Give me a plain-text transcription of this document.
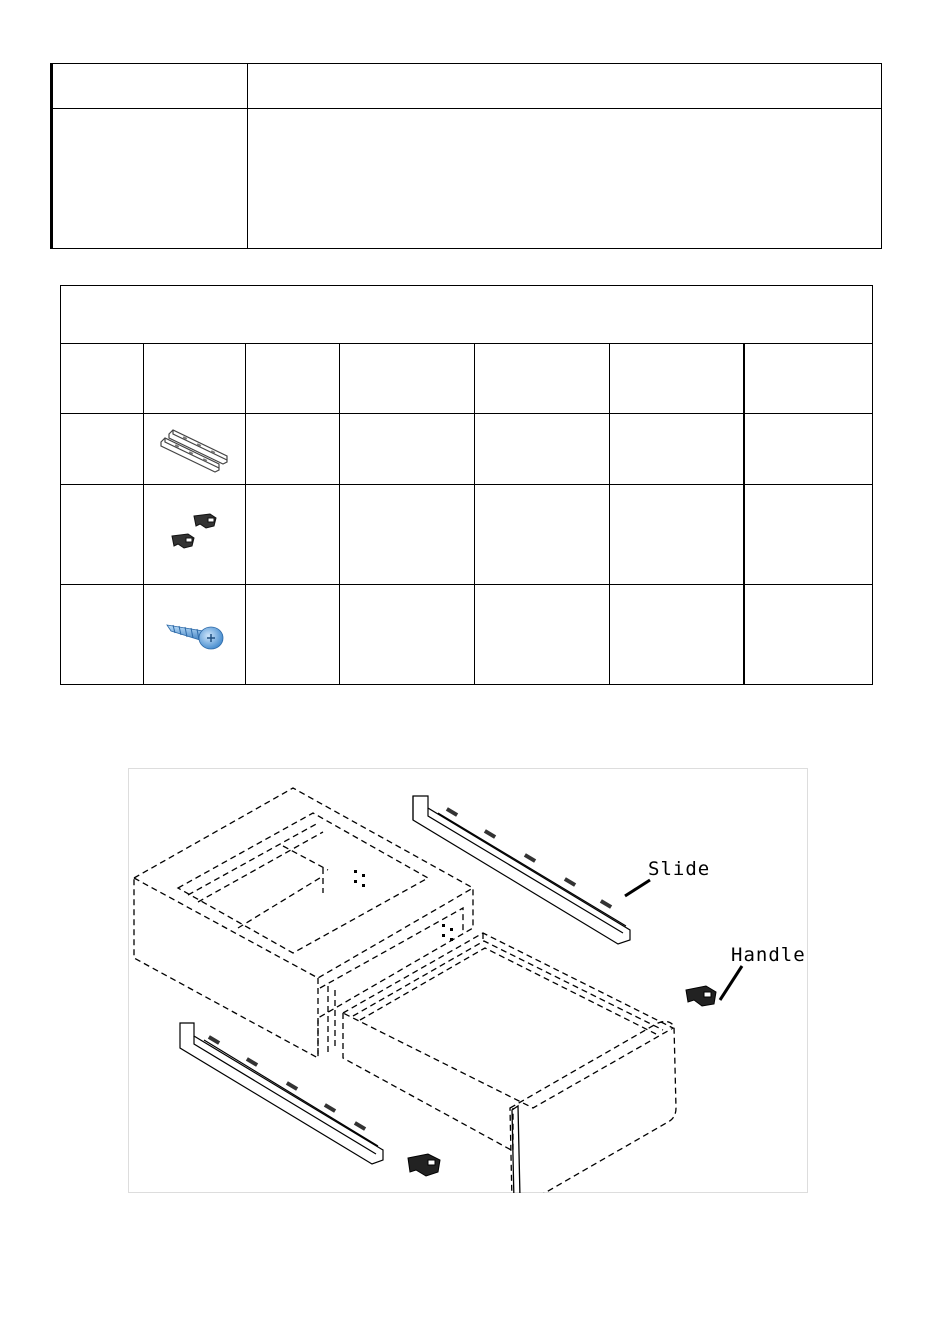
Slide
Handle
